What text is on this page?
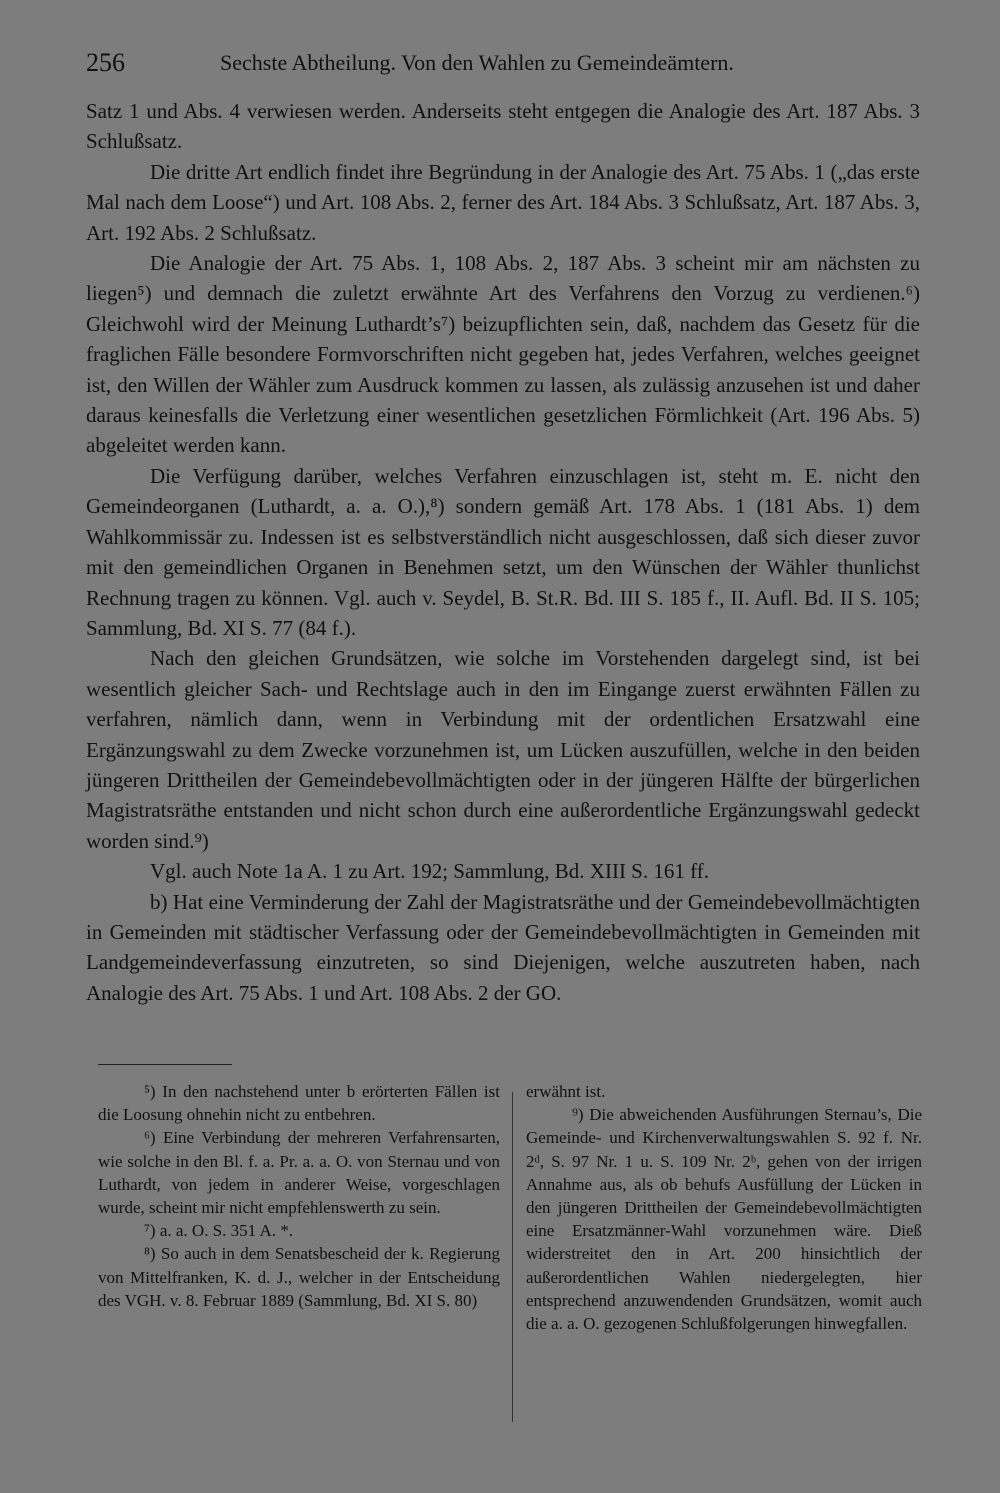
256	Sechste Abtheilung. Von den Wahlen zu Gemeindeämtern.

Satz 1 und Abs. 4 verwiesen werden. Anderseits steht entgegen die Analogie des Art. 187 Abs. 3 Schlußsatz.

Die dritte Art endlich findet ihre Begründung in der Analogie des Art. 75 Abs. 1 („das erste Mal nach dem Loose“) und Art. 108 Abs. 2, ferner des Art. 184 Abs. 3 Schlußsatz, Art. 187 Abs. 3, Art. 192 Abs. 2 Schlußsatz.

Die Analogie der Art. 75 Abs. 1, 108 Abs. 2, 187 Abs. 3 scheint mir am nächsten zu liegen⁵) und demnach die zuletzt erwähnte Art des Verfahrens den Vorzug zu verdienen.⁶) Gleichwohl wird der Meinung Luthardt’s⁷) beizupflichten sein, daß, nachdem das Gesetz für die fraglichen Fälle besondere Formvorschriften nicht gegeben hat, jedes Verfahren, welches geeignet ist, den Willen der Wähler zum Ausdruck kommen zu lassen, als zulässig anzusehen ist und daher daraus keinesfalls die Verletzung einer wesentlichen gesetzlichen Förmlichkeit (Art. 196 Abs. 5) abgeleitet werden kann.

Die Verfügung darüber, welches Verfahren einzuschlagen ist, steht m. E. nicht den Gemeindeorganen (Luthardt, a. a. O.),⁸) sondern gemäß Art. 178 Abs. 1 (181 Abs. 1) dem Wahlkommissär zu. Indessen ist es selbstverständlich nicht ausgeschlossen, daß sich dieser zuvor mit den gemeindlichen Organen in Benehmen setzt, um den Wünschen der Wähler thunlichst Rechnung tragen zu können. Vgl. auch v. Seydel, B. St.R. Bd. III S. 185 f., II. Aufl. Bd. II S. 105; Sammlung, Bd. XI S. 77 (84 f.).

Nach den gleichen Grundsätzen, wie solche im Vorstehenden dargelegt sind, ist bei wesentlich gleicher Sach- und Rechtslage auch in den im Eingange zuerst erwähnten Fällen zu verfahren, nämlich dann, wenn in Verbindung mit der ordentlichen Ersatzwahl eine Ergänzungswahl zu dem Zwecke vorzunehmen ist, um Lücken auszufüllen, welche in den beiden jüngeren Drittheilen der Gemeindebevollmächtigten oder in der jüngeren Hälfte der bürgerlichen Magistratsräthe entstanden und nicht schon durch eine außerordentliche Ergänzungswahl gedeckt worden sind.⁹)

Vgl. auch Note 1a A. 1 zu Art. 192; Sammlung, Bd. XIII S. 161 ff.

b) Hat eine Verminderung der Zahl der Magistratsräthe und der Gemeindebevollmächtigten in Gemeinden mit städtischer Verfassung oder der Gemeindebevollmächtigten in Gemeinden mit Landgemeindeverfassung einzutreten, so sind Diejenigen, welche auszutreten haben, nach Analogie des Art. 75 Abs. 1 und Art. 108 Abs. 2 der GO.

⁵) In den nachstehend unter b erörterten Fällen ist die Loosung ohnehin nicht zu entbehren.

⁶) Eine Verbindung der mehreren Verfahrensarten, wie solche in den Bl. f. a. Pr. a. a. O. von Sternau und von Luthardt, von jedem in anderer Weise, vorgeschlagen wurde, scheint mir nicht empfehlenswerth zu sein.

⁷) a. a. O. S. 351 A. *.

⁸) So auch in dem Senatsbescheid der k. Regierung von Mittelfranken, K. d. J., welcher in der Entscheidung des VGH. v. 8. Februar 1889 (Sammlung, Bd. XI S. 80)

erwähnt ist.

⁹) Die abweichenden Ausführungen Sternau’s, Die Gemeinde- und Kirchenverwaltungswahlen S. 92 f. Nr. 2ᵈ, S. 97 Nr. 1 u. S. 109 Nr. 2ᵇ, gehen von der irrigen Annahme aus, als ob behufs Ausfüllung der Lücken in den jüngeren Drittheilen der Gemeindebevollmächtigten eine Ersatzmänner-Wahl vorzunehmen wäre. Dieß widerstreitet den in Art. 200 hinsichtlich der außerordentlichen Wahlen niedergelegten, hier entsprechend anzuwendenden Grundsätzen, womit auch die a. a. O. gezogenen Schlußfolgerungen hinwegfallen.
